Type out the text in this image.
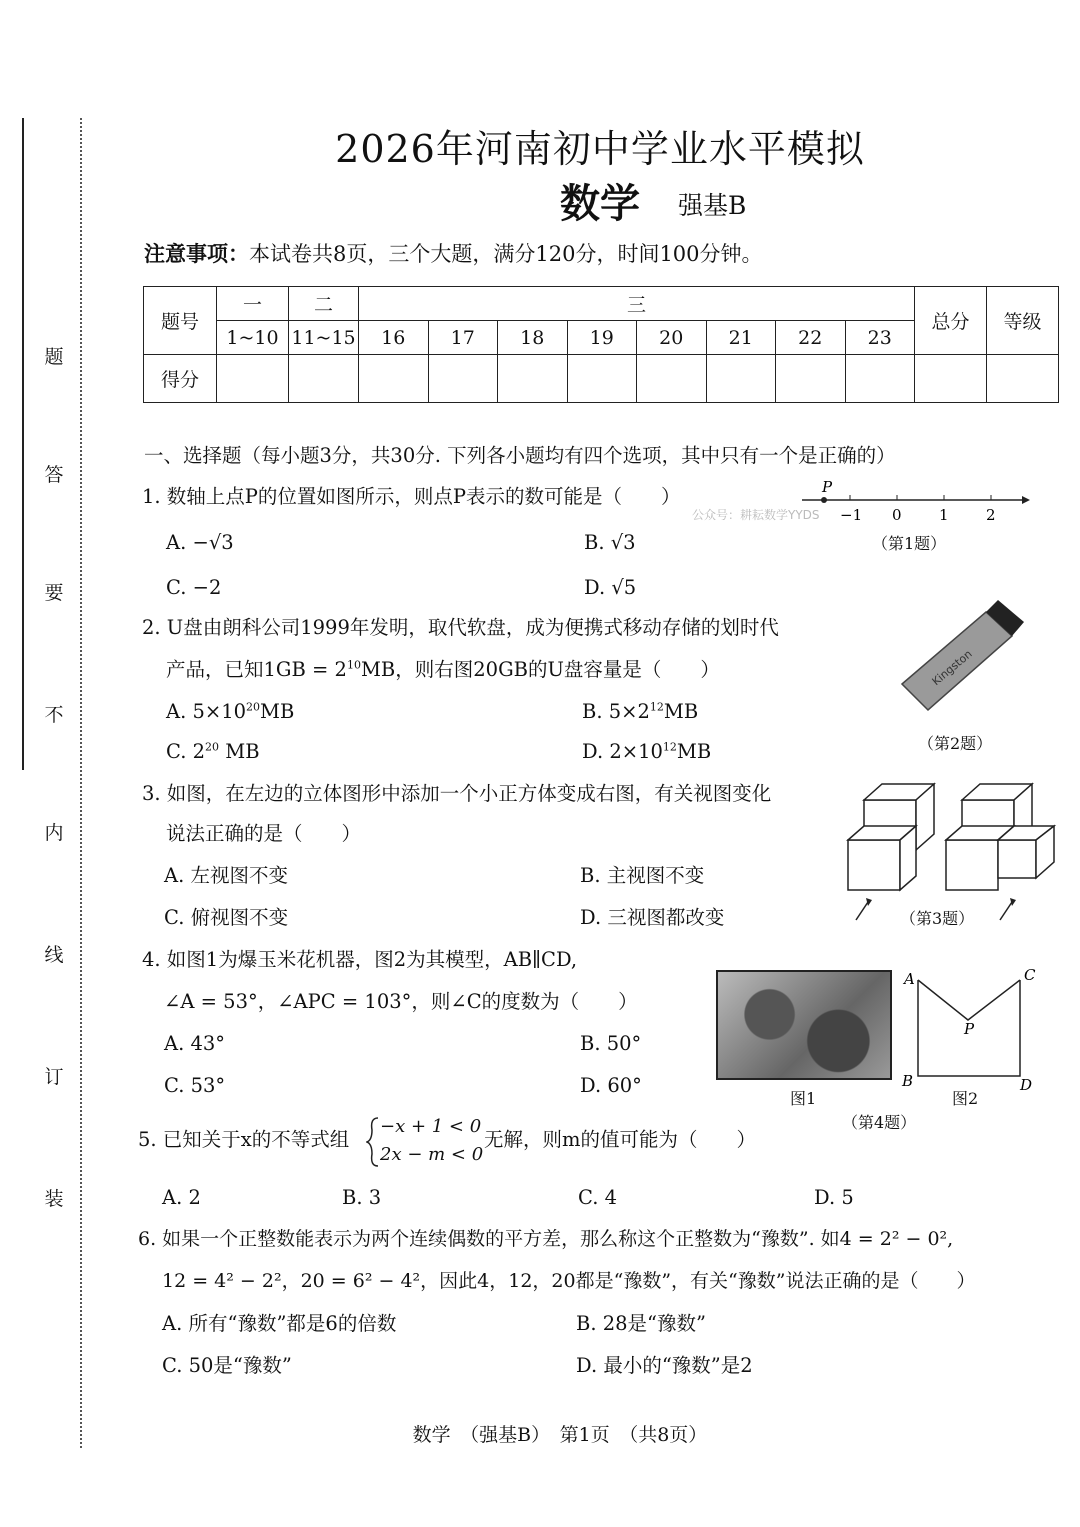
题
答
要
不
内
线
订
装
2026年河南初中学业水平模拟
数学 强基B
注意事项：本试卷共8页，三个大题，满分120分，时间100分钟。
题号	一	二	三								总分	等级
	1~10	11~15	16	17	18	19	20	21	22	23		
得分												
一、选择题（每小题3分，共30分. 下列各小题均有四个选项，其中只有一个是正确的）
1. 数轴上点P的位置如图所示，则点P表示的数可能是（　　）	P
−1 0 1 2
公众号：耕耘数学YYDS
（第1题）
A. −√3	B. √3
C. −2	D. √5
2. U盘由朗科公司1999年发明，取代软盘，成为便携式移动存储的划时代
产品，已知$1GB = 2^{10}MB$，则右图20GB的U盘容量是（　　）
A. $5\times 10^{20}MB$	B. $5\times 2^{12}MB$
C. $2^{20}$ MB	D. $2\times 10^{12}MB$
Kingston
（第2题）
3. 如图，在左边的立体图形中添加一个小正方体变成右图，有关视图变化
说法正确的是（　　）
A. 左视图不变	B. 主视图不变
C. 俯视图不变	D. 三视图都改变	（第3题）
4. 如图1为爆玉米花机器，图2为其模型，AB∥CD,
∠A = 53°，∠APC = 103°，则∠C的度数为（　　）
A. 43°	B. 50°
C. 53°	D. 60°
图1
A	C
P
B	D
图2
（第4题）
5. 已知关于x的不等式组
−x + 1 < 0
2x − m < 0
无解，则m的值可能为（　　）
A. 2	B. 3	C. 4	D. 5
6. 如果一个正整数能表示为两个连续偶数的平方差，那么称这个正整数为“豫数”. 如4 = 2² − 0²,
12 = 4² − 2²，20 = 6² − 4²，因此4，12，20都是“豫数”，有关“豫数”说法正确的是（　　）
A. 所有“豫数”都是6的倍数	B. 28是“豫数”
C. 50是“豫数”	D. 最小的“豫数”是2
数学　（强基B）　第1页　（共8页）
